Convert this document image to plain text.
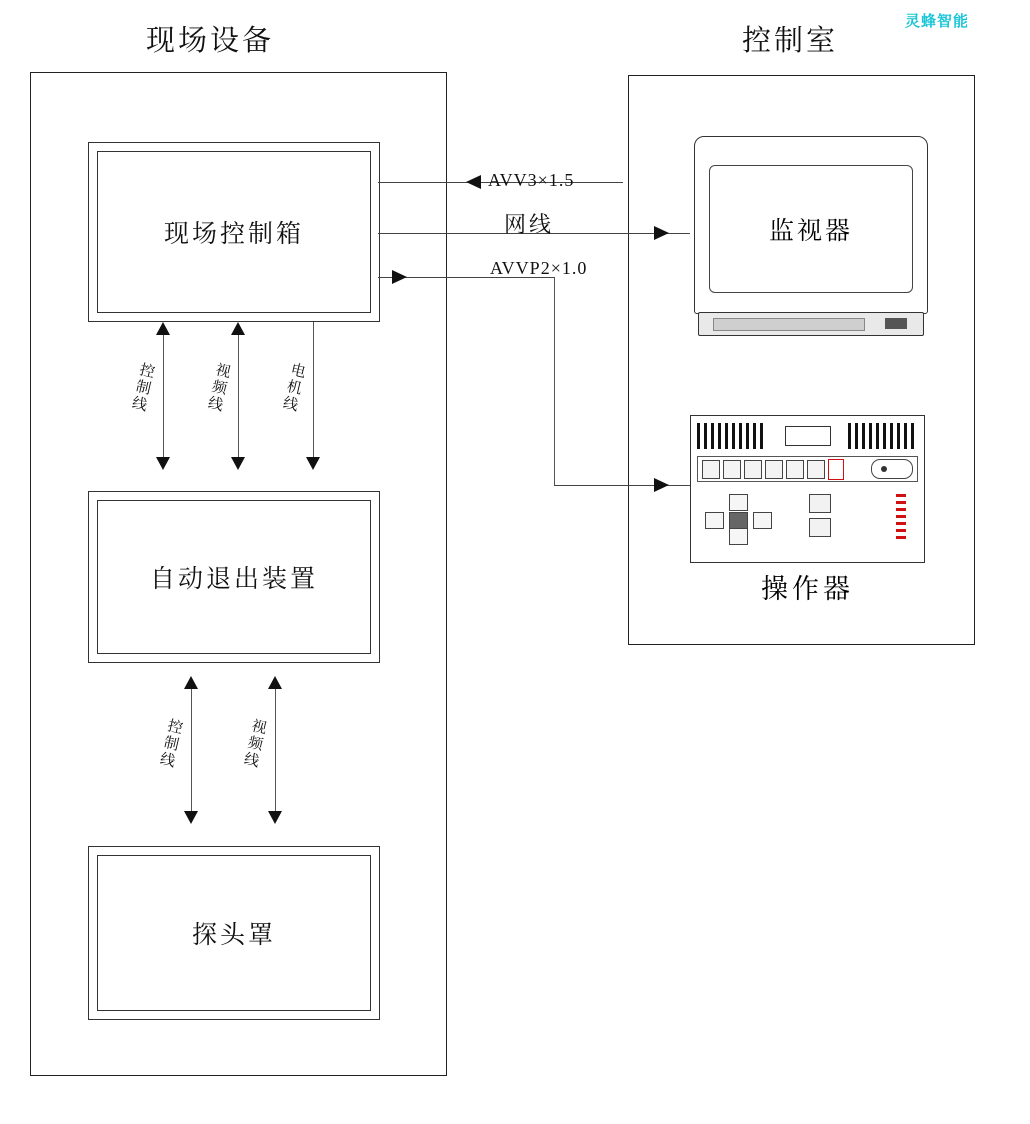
灵蜂智能
现场设备	控制室
现场控制箱
自动退出装置
探头罩
控制线	视频线	电机线
控制线	视频线
AVV3×1.5
网线
AVVP2×1.0
监视器
操作器
